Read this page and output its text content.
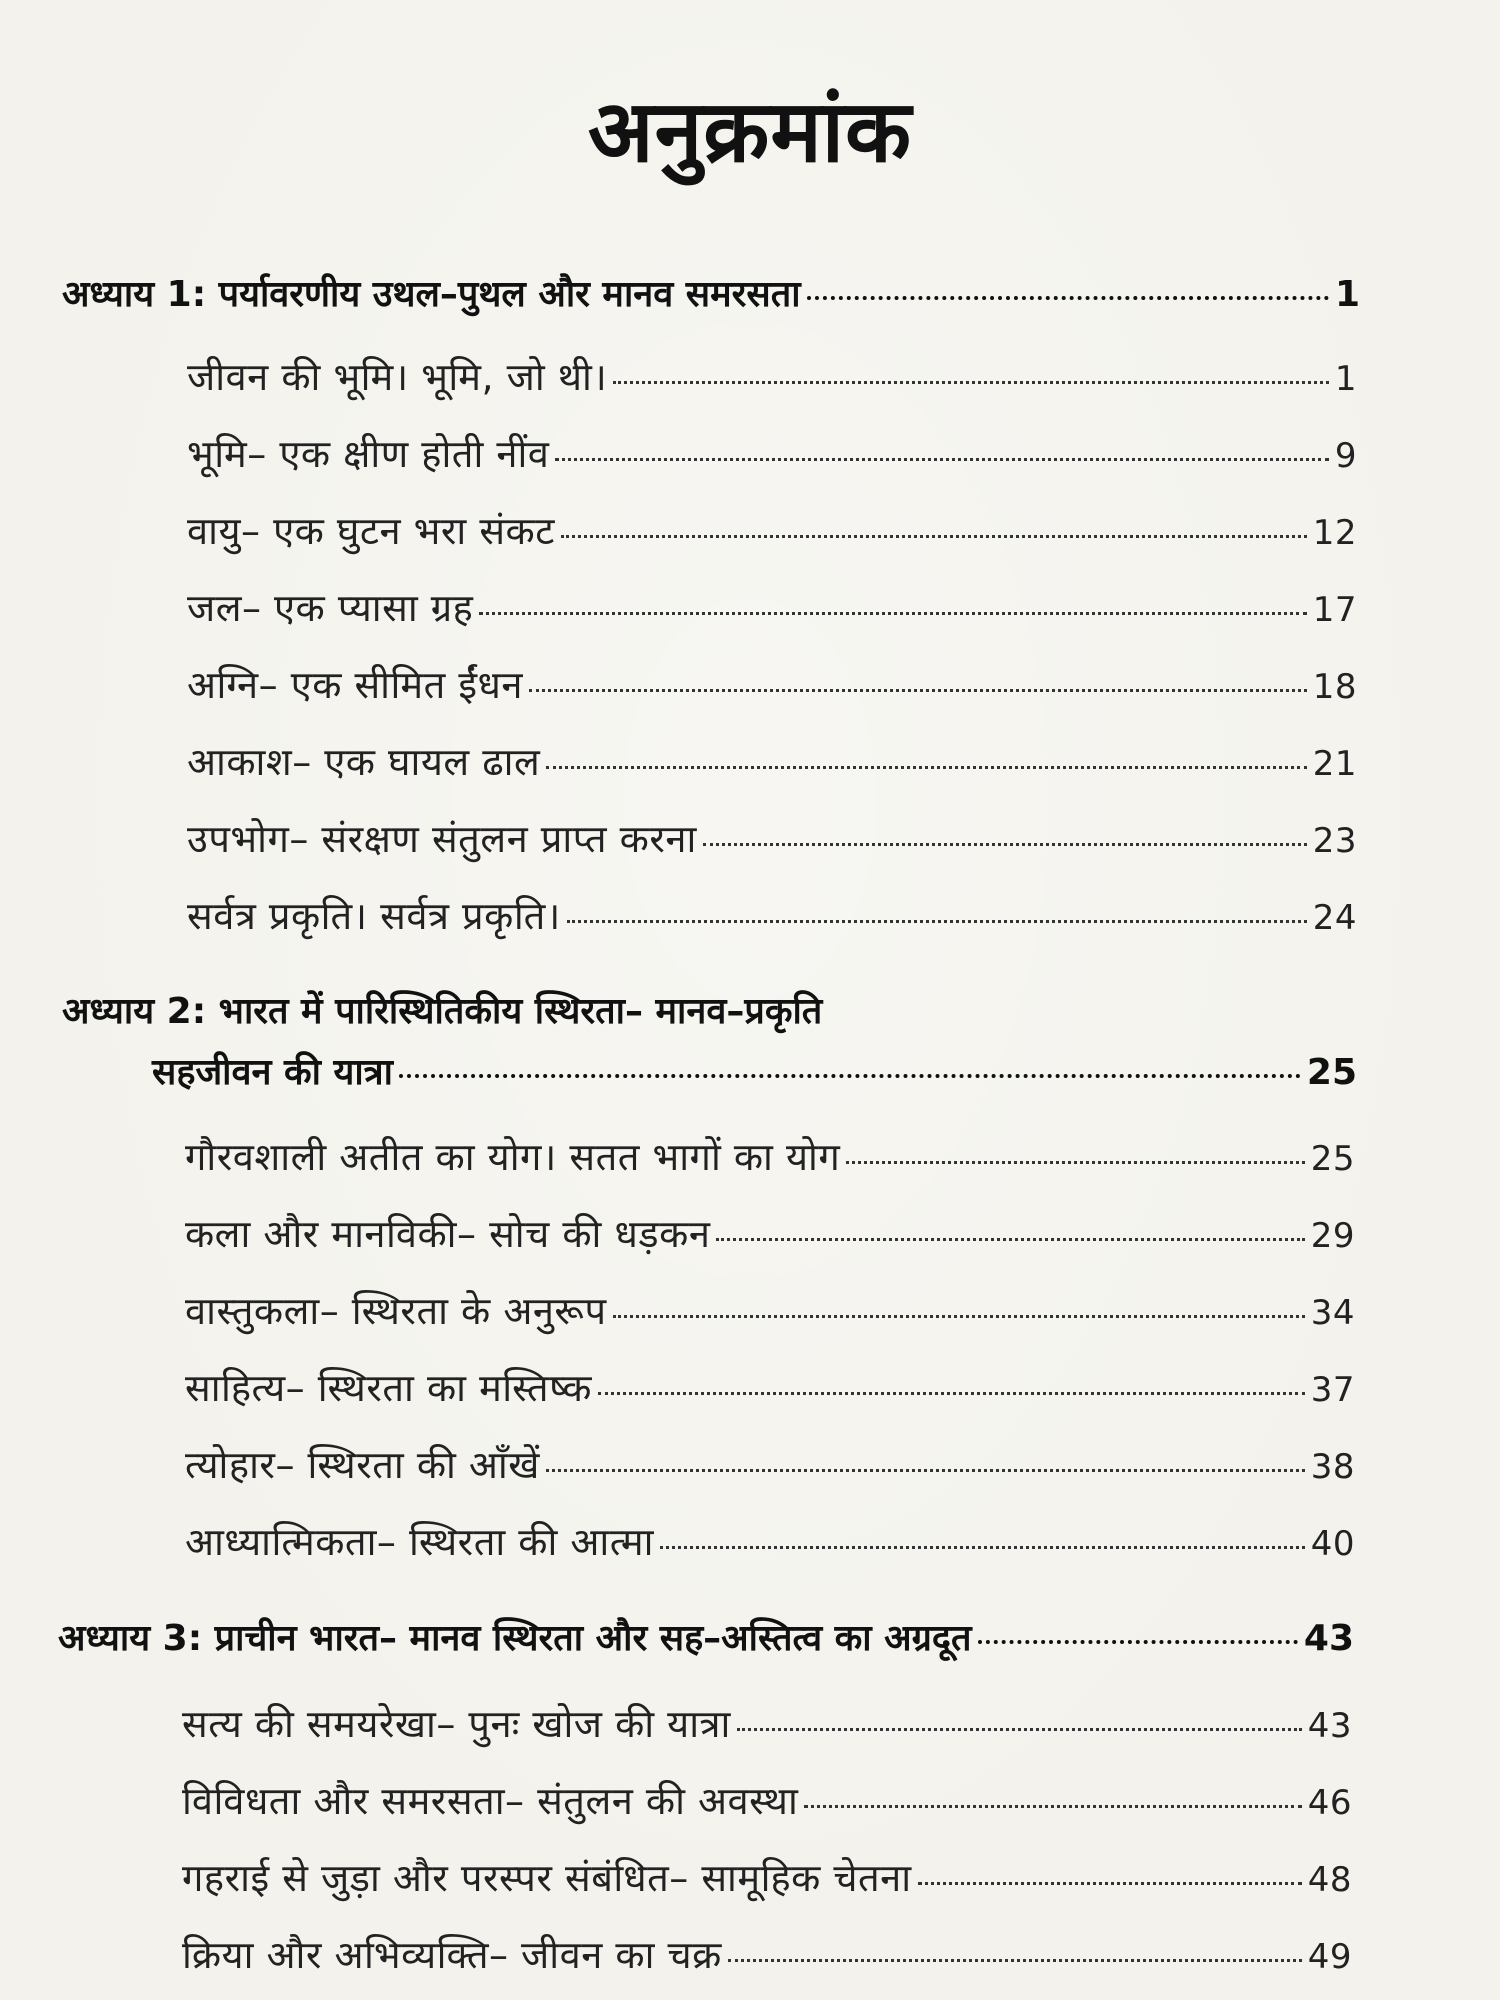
अनुक्रमांक
अध्याय 1: पर्यावरणीय उथल–पुथल और मानव समरसता	1
जीवन की भूमि। भूमि, जो थी।	1
भूमि– एक क्षीण होती नींव	9
वायु– एक घुटन भरा संकट	12
जल– एक प्यासा ग्रह	17
अग्नि– एक सीमित ईंधन	18
आकाश– एक घायल ढाल	21
उपभोग– संरक्षण संतुलन प्राप्त करना	23
सर्वत्र प्रकृति। सर्वत्र प्रकृति।	24
अध्याय 2: भारत में पारिस्थितिकीय स्थिरता– मानव–प्रकृति
सहजीवन की यात्रा	25
गौरवशाली अतीत का योग। सतत भागों का योग	25
कला और मानविकी– सोच की धड़कन	29
वास्तुकला– स्थिरता के अनुरूप	34
साहित्य– स्थिरता का मस्तिष्क	37
त्योहार– स्थिरता की आँखें	38
आध्यात्मिकता– स्थिरता की आत्मा	40
अध्याय 3: प्राचीन भारत– मानव स्थिरता और सह–अस्तित्व का अग्रदूत	43
सत्य की समयरेखा– पुनः खोज की यात्रा	43
विविधता और समरसता– संतुलन की अवस्था	46
गहराई से जुड़ा और परस्पर संबंधित– सामूहिक चेतना	48
क्रिया और अभिव्यक्ति– जीवन का चक्र	49
